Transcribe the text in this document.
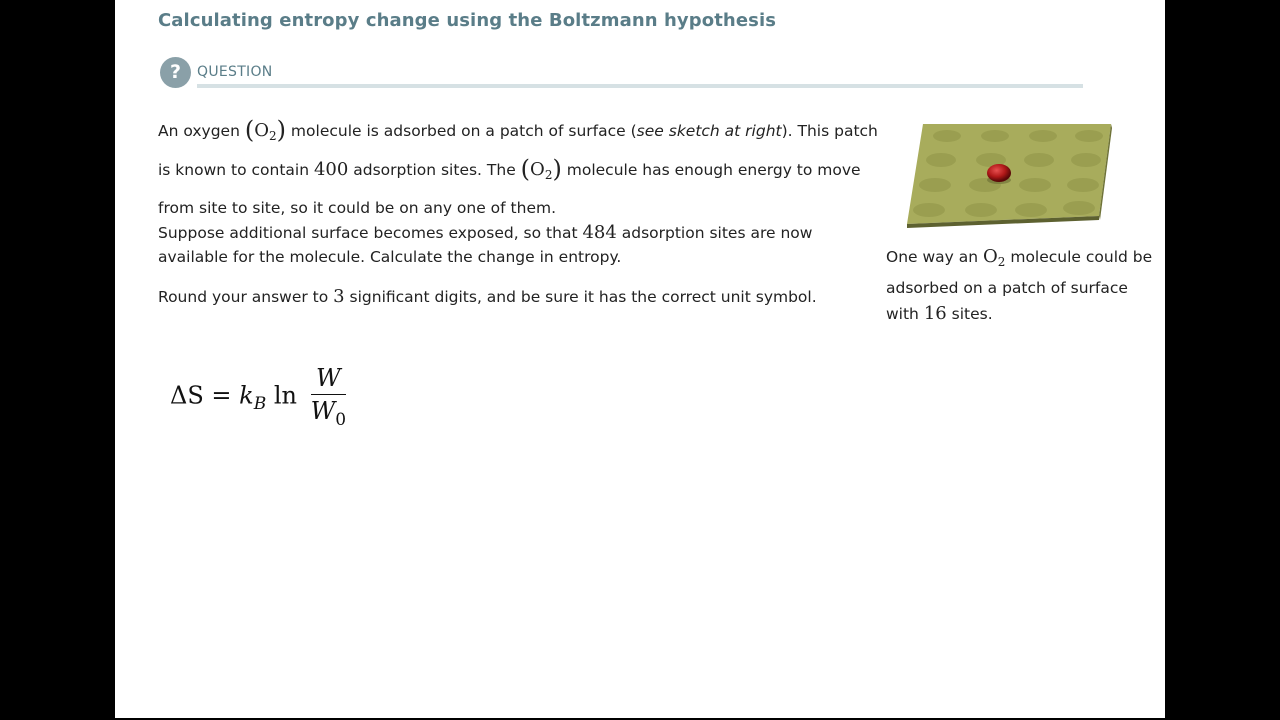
Calculating entropy change using the Boltzmann hypothesis
?	QUESTION
An oxygen $(O_2)$ molecule is adsorbed on a patch of surface (see sketch at right). This patch is known to contain 400 adsorption sites. The $(O_2)$ molecule has enough energy to move from site to site, so it could be on any one of them.
Suppose additional surface becomes exposed, so that 484 adsorption sites are now available for the molecule. Calculate the change in entropy.
Round your answer to 3 significant digits, and be sure it has the correct unit symbol.
One way an $O_2$ molecule could be adsorbed on a patch of surface with 16 sites.
$\Delta S = k_B$ $\ln \frac{W}{W_0}$
